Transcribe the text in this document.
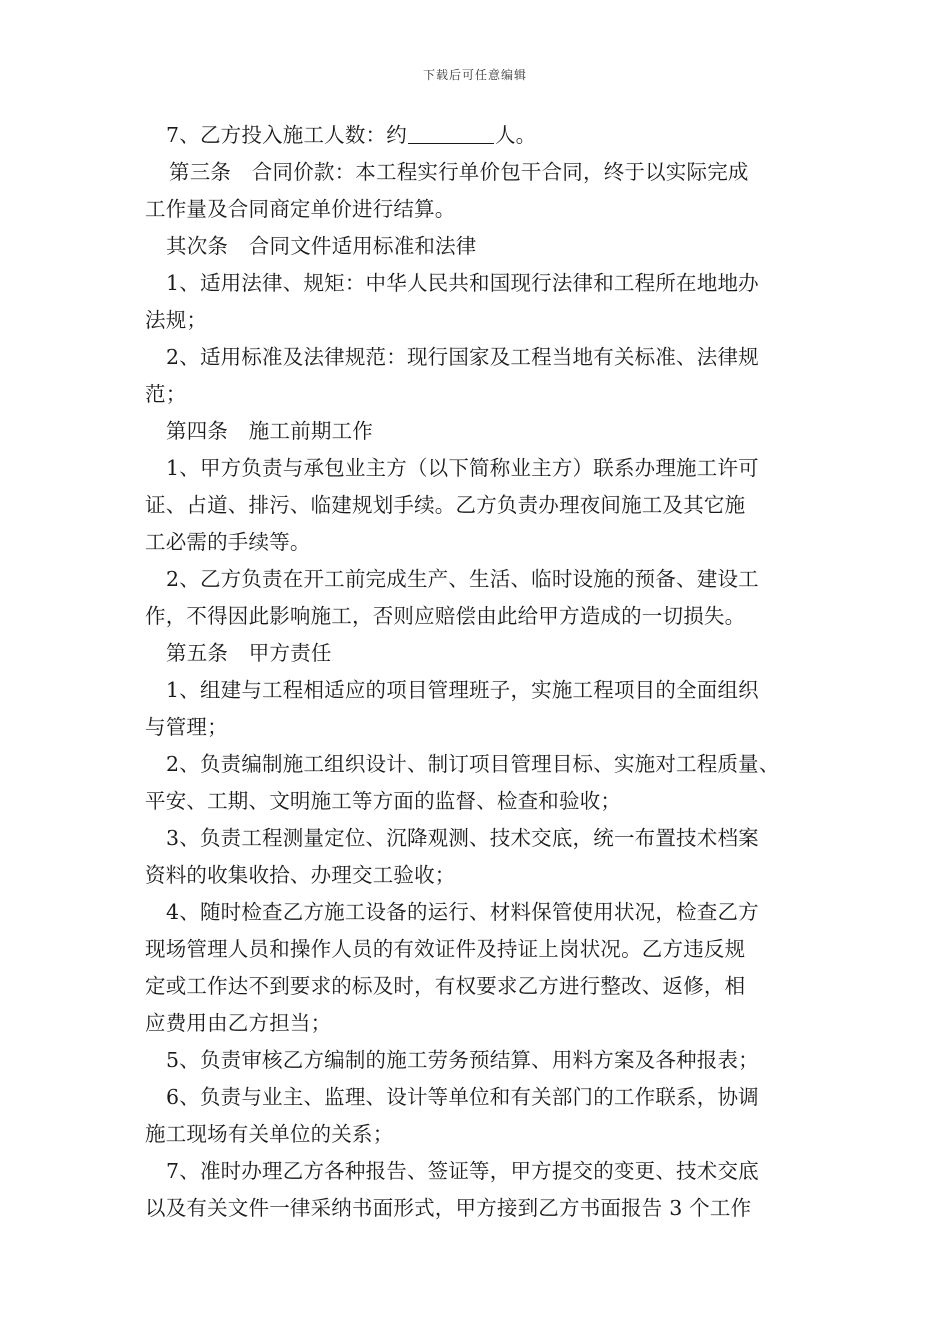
下载后可任意编辑
7、乙方投入施工人数：约	人。
第三条　合同价款：本工程实行单价包干合同，终于以实际完成
工作量及合同商定单价进行结算。
其次条　合同文件适用标准和法律
1、适用法律、规矩：中华人民共和国现行法律和工程所在地地办
法规；
2、适用标准及法律规范：现行国家及工程当地有关标准、法律规
范；
第四条　施工前期工作
1、甲方负责与承包业主方（以下简称业主方）联系办理施工许可
证、占道、排污、临建规划手续。乙方负责办理夜间施工及其它施
工必需的手续等。
2、乙方负责在开工前完成生产、生活、临时设施的预备、建设工
作，不得因此影响施工，否则应赔偿由此给甲方造成的一切损失。
第五条　甲方责任
1、组建与工程相适应的项目管理班子，实施工程项目的全面组织
与管理；
2、负责编制施工组织设计、制订项目管理目标、实施对工程质量、
平安、工期、文明施工等方面的监督、检查和验收；
3、负责工程测量定位、沉降观测、技术交底，统一布置技术档案
资料的收集收拾、办理交工验收；
4、随时检查乙方施工设备的运行、材料保管使用状况，检查乙方
现场管理人员和操作人员的有效证件及持证上岗状况。乙方违反规
定或工作达不到要求的标及时，有权要求乙方进行整改、返修，相
应费用由乙方担当；
5、负责审核乙方编制的施工劳务预结算、用料方案及各种报表；
6、负责与业主、监理、设计等单位和有关部门的工作联系，协调
施工现场有关单位的关系；
7、准时办理乙方各种报告、签证等，甲方提交的变更、技术交底
以及有关文件一律采纳书面形式，甲方接到乙方书面报告 3 个工作
